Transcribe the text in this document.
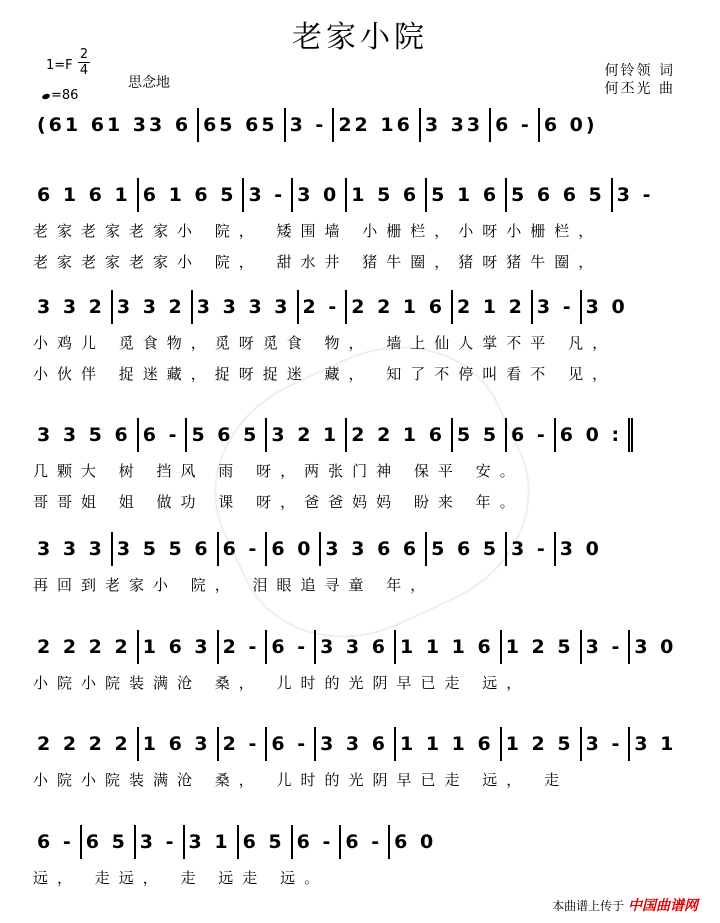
老家小院
1=F
2
4
=86
思念地
何铃领 词
何丕光 曲
(61 61 33 6 65 65 3 - 22 16 3 33 6 - 6 0)
6 1 6 1 6 1 6 5 3 - 3 0 1 5 6 5 1 6 5 6 6 5 3 -
老家老家老家小 院， 矮围墙 小栅栏，小呀小栅栏，
老家老家老家小 院， 甜水井 猪牛圈，猪呀猪牛圈，
3 3 2 3 3 2 3 3 3 3 2 - 2 2 1 6 2 1 2 3 - 3 0
小鸡儿 觅食物，觅呀觅食 物， 墙上仙人掌不平 凡，
小伙伴 捉迷藏，捉呀捉迷 藏， 知了不停叫看不 见，
3 3 5 6 6 - 5 6 5 3 2 1 2 2 1 6 5 5 6 - 6 0 :
几颗大 树 挡风 雨 呀，两张门神 保平 安。
哥哥姐 姐 做功 课 呀，爸爸妈妈 盼来 年。
3 3 3 3 5 5 6 6 - 6 0 3 3 6 6 5 6 5 3 - 3 0
再回到老家小 院， 泪眼追寻童 年，
2 2 2 2 1 6 3 2 - 6 - 3 3 6 1 1 1 6 1 2 5 3 - 3 0
小院小院装满沧 桑， 儿时的光阴早已走 远，
2 2 2 2 1 6 3 2 - 6 - 3 3 6 1 1 1 6 1 2 5 3 - 3 1
小院小院装满沧 桑， 儿时的光阴早已走 远， 走
6 - 6 5 3 - 3 1 6 5 6 - 6 - 6 0
远， 走远， 走 远走 远。
本曲谱上传于 中国曲谱网
